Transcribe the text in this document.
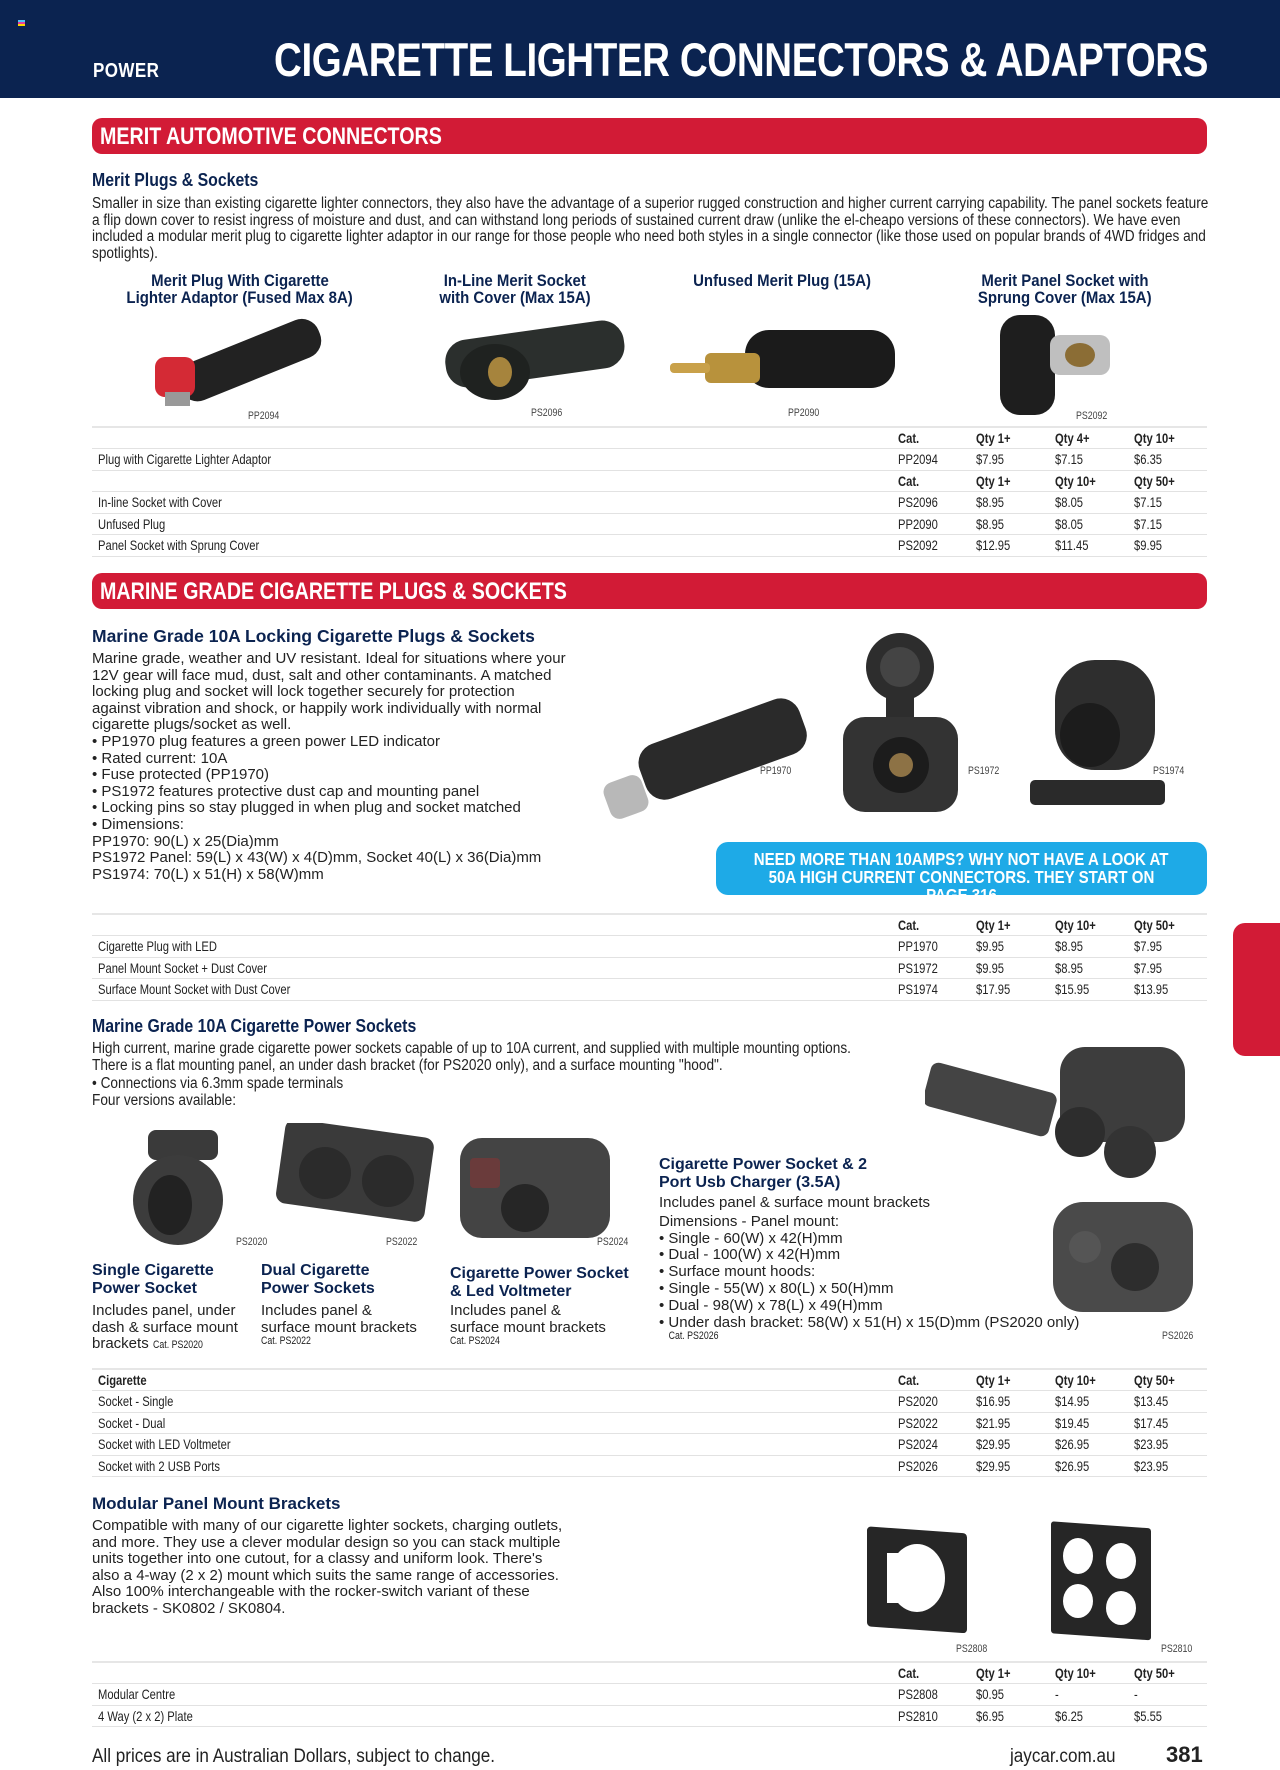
POWER CIGARETTE LIGHTER CONNECTORS & ADAPTORS
MERIT AUTOMOTIVE CONNECTORS
Merit Plugs & Sockets
Smaller in size than existing cigarette lighter connectors, they also have the advantage of a superior rugged construction and higher current carrying capability. The panel sockets feature a flip down cover to resist ingress of moisture and dust, and can withstand long periods of sustained current draw (unlike the el-cheapo versions of these connectors). We have even included a modular merit plug to cigarette lighter adaptor in our range for those people who need both styles in a single connector (like those used on popular brands of 4WD fridges and spotlights).
Merit Plug With Cigarette
Lighter Adaptor (Fused Max 8A)
In-Line Merit Socket
with Cover (Max 15A)
Unfused Merit Plug (15A)	Merit Panel Socket with
Sprung Cover (Max 15A)
PP2094	PS2096	PP2090	PS2092
	Cat.	Qty 1+	Qty 4+	Qty 10+
Plug with Cigarette Lighter Adaptor	PP2094	$7.95	$7.15	$6.35
	Cat.	Qty 1+	Qty 10+	Qty 50+
In-line Socket with Cover	PS2096	$8.95	$8.05	$7.15
Unfused Plug	PP2090	$8.95	$8.05	$7.15
Panel Socket with Sprung Cover	PS2092	$12.95	$11.45	$9.95
MARINE GRADE CIGARETTE PLUGS & SOCKETS
Marine Grade 10A Locking Cigarette Plugs & Sockets
Marine grade, weather and UV resistant. Ideal for situations where your
12V gear will face mud, dust, salt and other contaminants. A matched
locking plug and socket will lock together securely for protection
against vibration and shock, or happily work individually with normal
cigarette plugs/socket as well.
• PP1970 plug features a green power LED indicator
• Rated current: 10A
• Fuse protected (PP1970)
• PS1972 features protective dust cap and mounting panel
• Locking pins so stay plugged in when plug and socket matched
• Dimensions:
PP1970: 90(L) x 25(Dia)mm
PS1972 Panel: 59(L) x 43(W) x 4(D)mm, Socket 40(L) x 36(Dia)mm
PS1974: 70(L) x 51(H) x 58(W)mm
PP1970	PS1972	PS1974
NEED MORE THAN 10AMPS? WHY NOT HAVE A LOOK AT
50A HIGH CURRENT CONNECTORS. THEY START ON PAGE 316
	Cat.	Qty 1+	Qty 10+	Qty 50+
Cigarette Plug with LED	PP1970	$9.95	$8.95	$7.95
Panel Mount Socket + Dust Cover	PS1972	$9.95	$8.95	$7.95
Surface Mount Socket with Dust Cover	PS1974	$17.95	$15.95	$13.95
Marine Grade 10A Cigarette Power Sockets
High current, marine grade cigarette power sockets capable of up to 10A current, and supplied with multiple mounting options.
There is a flat mounting panel, an under dash bracket (for PS2020 only), and a surface mounting "hood".
• Connections via 6.3mm spade terminals
Four versions available:
PS2020	PS2022	PS2024
PS2026
Single Cigarette
Power Socket
Includes panel, under
dash & surface mount
brackets Cat. PS2020
Dual Cigarette
Power Sockets
Includes panel &
surface mount brackets
Cat. PS2022
Cigarette Power Socket
& Led Voltmeter
Includes panel &
surface mount brackets
Cat. PS2024
Cigarette Power Socket & 2
Port Usb Charger (3.5A)
Includes panel & surface mount brackets
Dimensions - Panel mount:
• Single - 60(W) x 42(H)mm
• Dual - 100(W) x 42(H)mm
• Surface mount hoods:
• Single - 55(W) x 80(L) x 50(H)mm
• Dual - 98(W) x 78(L) x 49(H)mm
• Under dash bracket: 58(W) x 51(H) x 15(D)mm (PS2020 only)
Cat. PS2026
Cigarette	Cat.	Qty 1+	Qty 10+	Qty 50+
Socket - Single	PS2020	$16.95	$14.95	$13.45
Socket - Dual	PS2022	$21.95	$19.45	$17.45
Socket with LED Voltmeter	PS2024	$29.95	$26.95	$23.95
Socket with 2 USB Ports	PS2026	$29.95	$26.95	$23.95
Modular Panel Mount Brackets
Compatible with many of our cigarette lighter sockets, charging outlets,
and more. They use a clever modular design so you can stack multiple
units together into one cutout, for a classy and uniform look. There's
also a 4-way (2 x 2) mount which suits the same range of accessories.
Also 100% interchangeable with the rocker-switch variant of these
brackets - SK0802 / SK0804.
PS2808	PS2810
	Cat.	Qty 1+	Qty 10+	Qty 50+
Modular Centre	PS2808	$0.95	-	-
4 Way (2 x 2) Plate	PS2810	$6.95	$6.25	$5.55
All prices are in Australian Dollars, subject to change.	jaycar.com.au 381
